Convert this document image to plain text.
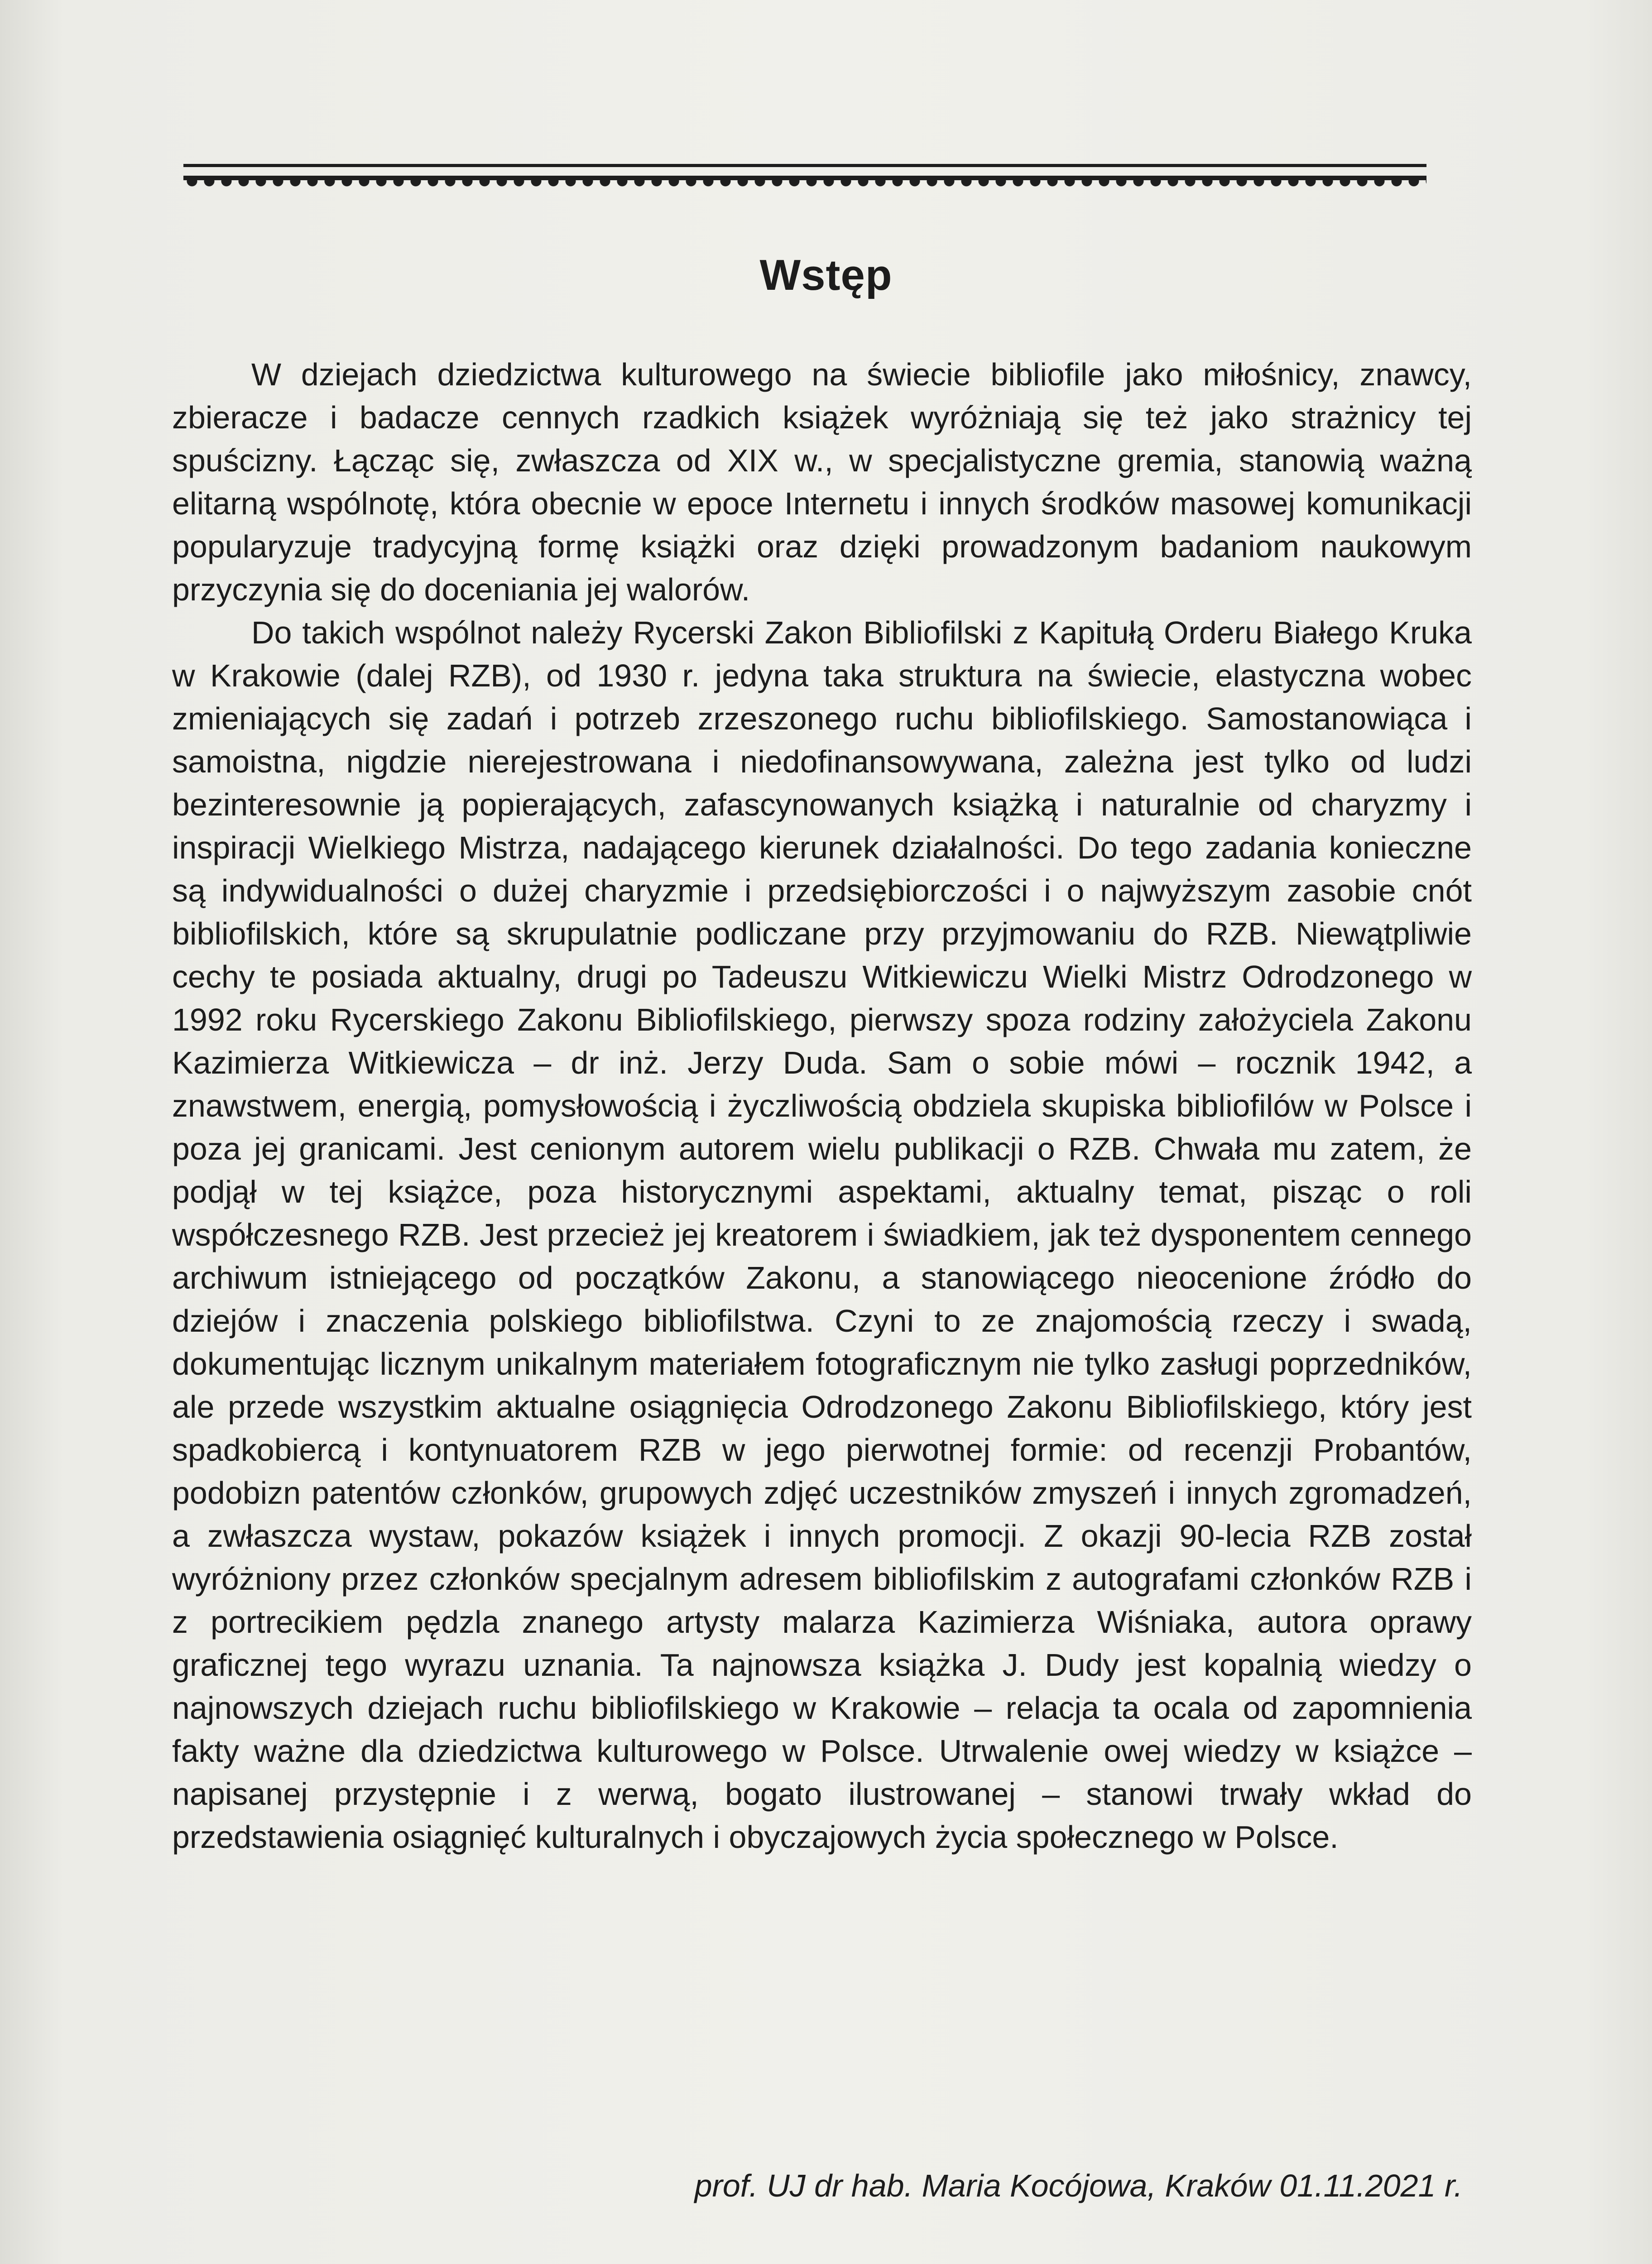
Wstęp

W dziejach dziedzictwa kulturowego na świecie bibliofile jako miłośnicy, znawcy, zbieracze i badacze cennych rzadkich książek wyróżniają się też jako strażnicy tej spuścizny. Łącząc się, zwłaszcza od XIX w., w specjalistyczne gremia, stanowią ważną elitarną wspólnotę, która obecnie w epoce Internetu i innych środków masowej komunikacji popularyzuje tradycyjną formę książki oraz dzięki prowadzonym badaniom naukowym przyczynia się do doceniania jej walorów.

Do takich wspólnot należy Rycerski Zakon Bibliofilski z Kapitułą Orderu Białego Kruka w Krakowie (dalej RZB), od 1930 r. jedyna taka struktura na świecie, elastyczna wobec zmieniających się zadań i potrzeb zrzeszonego ruchu bibliofilskiego. Samostanowiąca i samoistna, nigdzie nierejestrowana i niedofinansowywana, zależna jest tylko od ludzi bezinteresownie ją popierających, zafascynowanych książką i naturalnie od charyzmy i inspiracji Wielkiego Mistrza, nadającego kierunek działalności. Do tego zadania konieczne są indywidualności o dużej charyzmie i przedsiębiorczości i o najwyższym zasobie cnót bibliofilskich, które są skrupulatnie podliczane przy przyjmowaniu do RZB. Niewątpliwie cechy te posiada aktualny, drugi po Tadeuszu Witkiewiczu Wielki Mistrz Odrodzonego w 1992 roku Rycerskiego Zakonu Bibliofilskiego, pierwszy spoza rodziny założyciela Zakonu Kazimierza Witkiewicza – dr inż. Jerzy Duda. Sam o sobie mówi – rocznik 1942, a znawstwem, energią, pomysłowością i życzliwością obdziela skupiska bibliofilów w Polsce i poza jej granicami. Jest cenionym autorem wielu publikacji o RZB. Chwała mu zatem, że podjął w tej książce, poza historycznymi aspektami, aktualny temat, pisząc o roli współczesnego RZB. Jest przecież jej kreatorem i świadkiem, jak też dysponentem cennego archiwum istniejącego od początków Zakonu, a stanowiącego nieocenione źródło do dziejów i znaczenia polskiego bibliofilstwa. Czyni to ze znajomością rzeczy i swadą, dokumentując licznym unikalnym materiałem fotograficznym nie tylko zasługi poprzedników, ale przede wszystkim aktualne osiągnięcia Odrodzonego Zakonu Bibliofilskiego, który jest spadkobiercą i kontynuatorem RZB w jego pierwotnej formie: od recenzji Probantów, podobizn patentów członków, grupowych zdjęć uczestników zmyszeń i innych zgromadzeń, a zwłaszcza wystaw, pokazów książek i innych promocji. Z okazji 90-lecia RZB został wyróżniony przez członków specjalnym adresem bibliofilskim z autografami członków RZB i z portrecikiem pędzla znanego artysty malarza Kazimierza Wiśniaka, autora oprawy graficznej tego wyrazu uznania. Ta najnowsza książka J. Dudy jest kopalnią wiedzy o najnowszych dziejach ruchu bibliofilskiego w Krakowie – relacja ta ocala od zapomnienia fakty ważne dla dziedzictwa kulturowego w Polsce. Utrwalenie owej wiedzy w książce – napisanej przystępnie i z werwą, bogato ilustrowanej – stanowi trwały wkład do przedstawienia osiągnięć kulturalnych i obyczajowych życia społecznego w Polsce.

prof. UJ dr hab. Maria Kocójowa, Kraków 01.11.2021 r.
